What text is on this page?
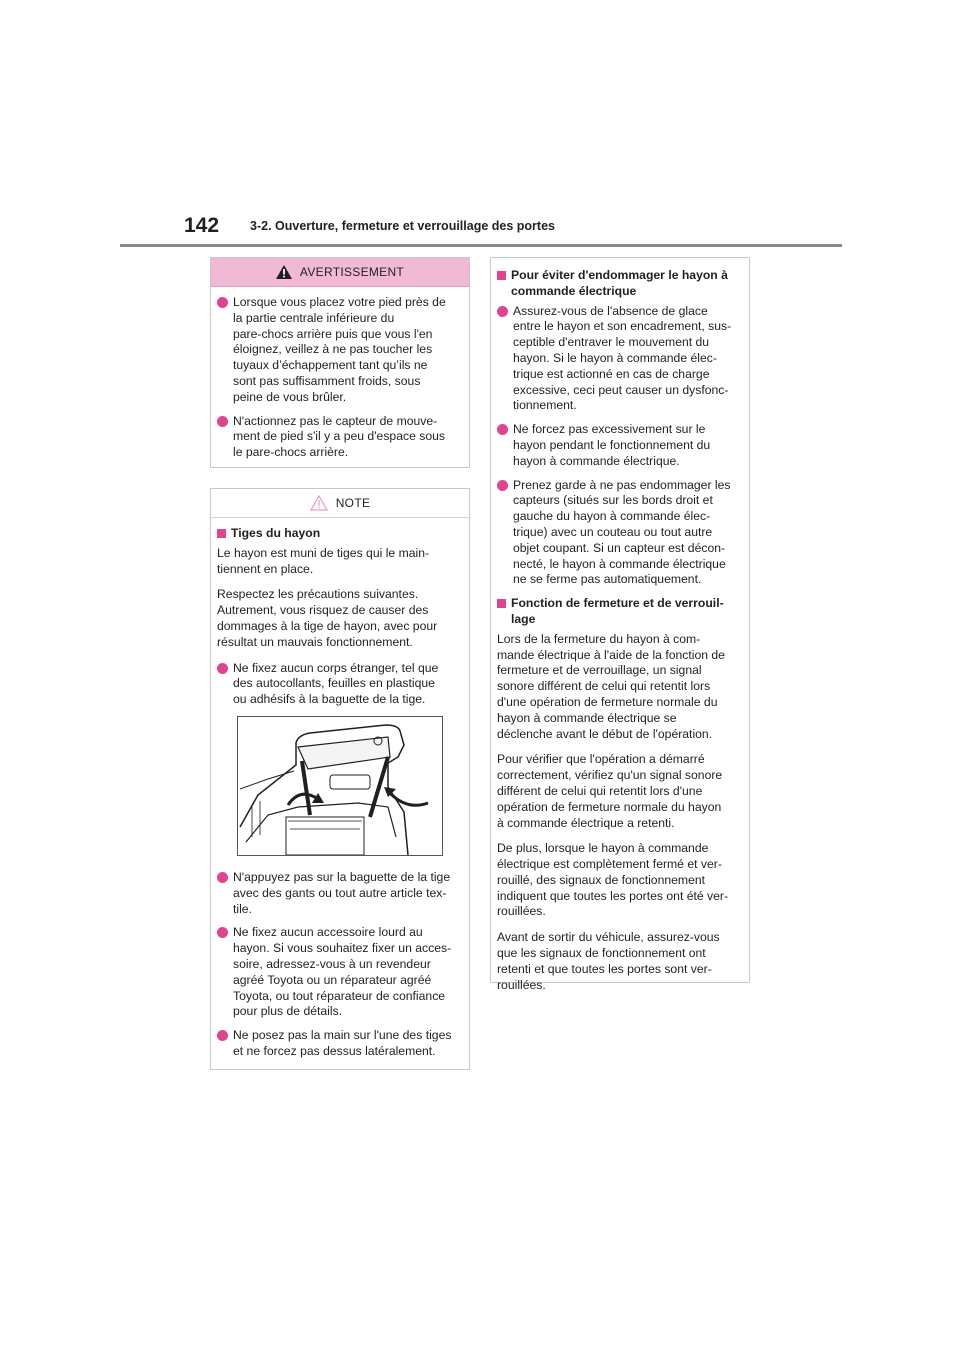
142 3-2. Ouverture, fermeture et verrouillage des portes
AVERTISSEMENT
Lorsque vous placez votre pied près de
la partie centrale inférieure du
pare-chocs arrière puis que vous l'en
éloignez, veillez à ne pas toucher les
tuyaux d’échappement tant qu’ils ne
sont pas suffisamment froids, sous
peine de vous brûler.
N'actionnez pas le capteur de mouve-
ment de pied s'il y a peu d'espace sous
le pare-chocs arrière.
NOTE
Tiges du hayon

Le hayon est muni de tiges qui le main-
tiennent en place.

Respectez les précautions suivantes.
Autrement, vous risquez de causer des
dommages à la tige de hayon, avec pour
résultat un mauvais fonctionnement.

Ne fixez aucun corps étranger, tel que
des autocollants, feuilles en plastique
ou adhésifs à la baguette de la tige.
N'appuyez pas sur la baguette de la tige
avec des gants ou tout autre article tex-
tile.
Ne fixez aucun accessoire lourd au
hayon. Si vous souhaitez fixer un acces-
soire, adressez-vous à un revendeur
agréé Toyota ou un réparateur agréé
Toyota, ou tout réparateur de confiance
pour plus de détails.
Ne posez pas la main sur l'une des tiges
et ne forcez pas dessus latéralement.
Pour éviter d'endommager le hayon à
commande électrique
Assurez-vous de l'absence de glace
entre le hayon et son encadrement, sus-
ceptible d'entraver le mouvement du
hayon. Si le hayon à commande élec-
trique est actionné en cas de charge
excessive, ceci peut causer un dysfonc-
tionnement.
Ne forcez pas excessivement sur le
hayon pendant le fonctionnement du
hayon à commande électrique.
Prenez garde à ne pas endommager les
capteurs (situés sur les bords droit et
gauche du hayon à commande élec-
trique) avec un couteau ou tout autre
objet coupant. Si un capteur est décon-
necté, le hayon à commande électrique
ne se ferme pas automatiquement.
Fonction de fermeture et de verrouil-
lage

Lors de la fermeture du hayon à com-
mande électrique à l'aide de la fonction de
fermeture et de verrouillage, un signal
sonore différent de celui qui retentit lors
d'une opération de fermeture normale du
hayon à commande électrique se
déclenche avant le début de l'opération.

Pour vérifier que l'opération a démarré
correctement, vérifiez qu'un signal sonore
différent de celui qui retentit lors d'une
opération de fermeture normale du hayon
à commande électrique a retenti.

De plus, lorsque le hayon à commande
électrique est complètement fermé et ver-
rouillé, des signaux de fonctionnement
indiquent que toutes les portes ont été ver-
rouillées.

Avant de sortir du véhicule, assurez-vous
que les signaux de fonctionnement ont
retenti et que toutes les portes sont ver-
rouillées.
